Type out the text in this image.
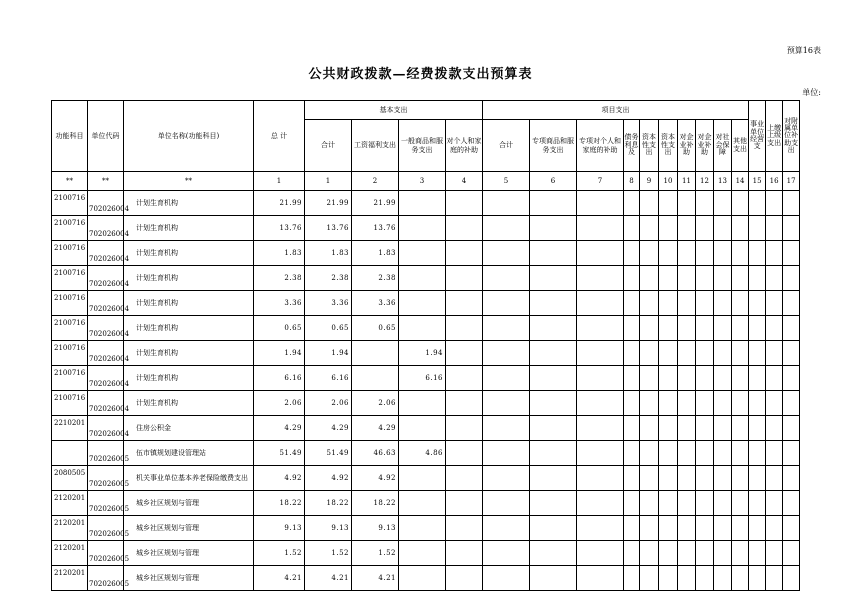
预算16表
公共财政拨款—经费拨款支出预算表
单位:
功能科目	单位代码	单位名称(功能科目)	总 计	基本支出				项目支出										事业单位经营支	上缴上级支出	对附属单位补助支出
				合计	工资福利支出	一般商品和服务支出	对个人和家庭的补助	合计	专项商品和服务支出	专项对个人和家庭的补助	债务利息及	资本性支出	资本性支出	对企业补助	对企业补助	对社会保障	其他支出			
**	**	**	1	1	2	3	4	5	6	7	8	9	10	11	12	13	14	15	16	17
2100716	702026004	计划生育机构	21.99	21.99	21.99															
2100716	702026004	计划生育机构	13.76	13.76	13.76															
2100716	702026004	计划生育机构	1.83	1.83	1.83															
2100716	702026004	计划生育机构	2.38	2.38	2.38															
2100716	702026004	计划生育机构	3.36	3.36	3.36															
2100716	702026004	计划生育机构	0.65	0.65	0.65															
2100716	702026004	计划生育机构	1.94	1.94		1.94														
2100716	702026004	计划生育机构	6.16	6.16		6.16														
2100716	702026004	计划生育机构	2.06	2.06	2.06															
2210201	702026004	住房公积金	4.29	4.29	4.29															
	702026005	伍市镇规划建设管理站	51.49	51.49	46.63	4.86														
2080505	702026005	机关事业单位基本养老保险缴费支出	4.92	4.92	4.92															
2120201	702026005	城乡社区规划与管理	18.22	18.22	18.22															
2120201	702026005	城乡社区规划与管理	9.13	9.13	9.13															
2120201	702026005	城乡社区规划与管理	1.52	1.52	1.52															
2120201	702026005	城乡社区规划与管理	4.21	4.21	4.21															
